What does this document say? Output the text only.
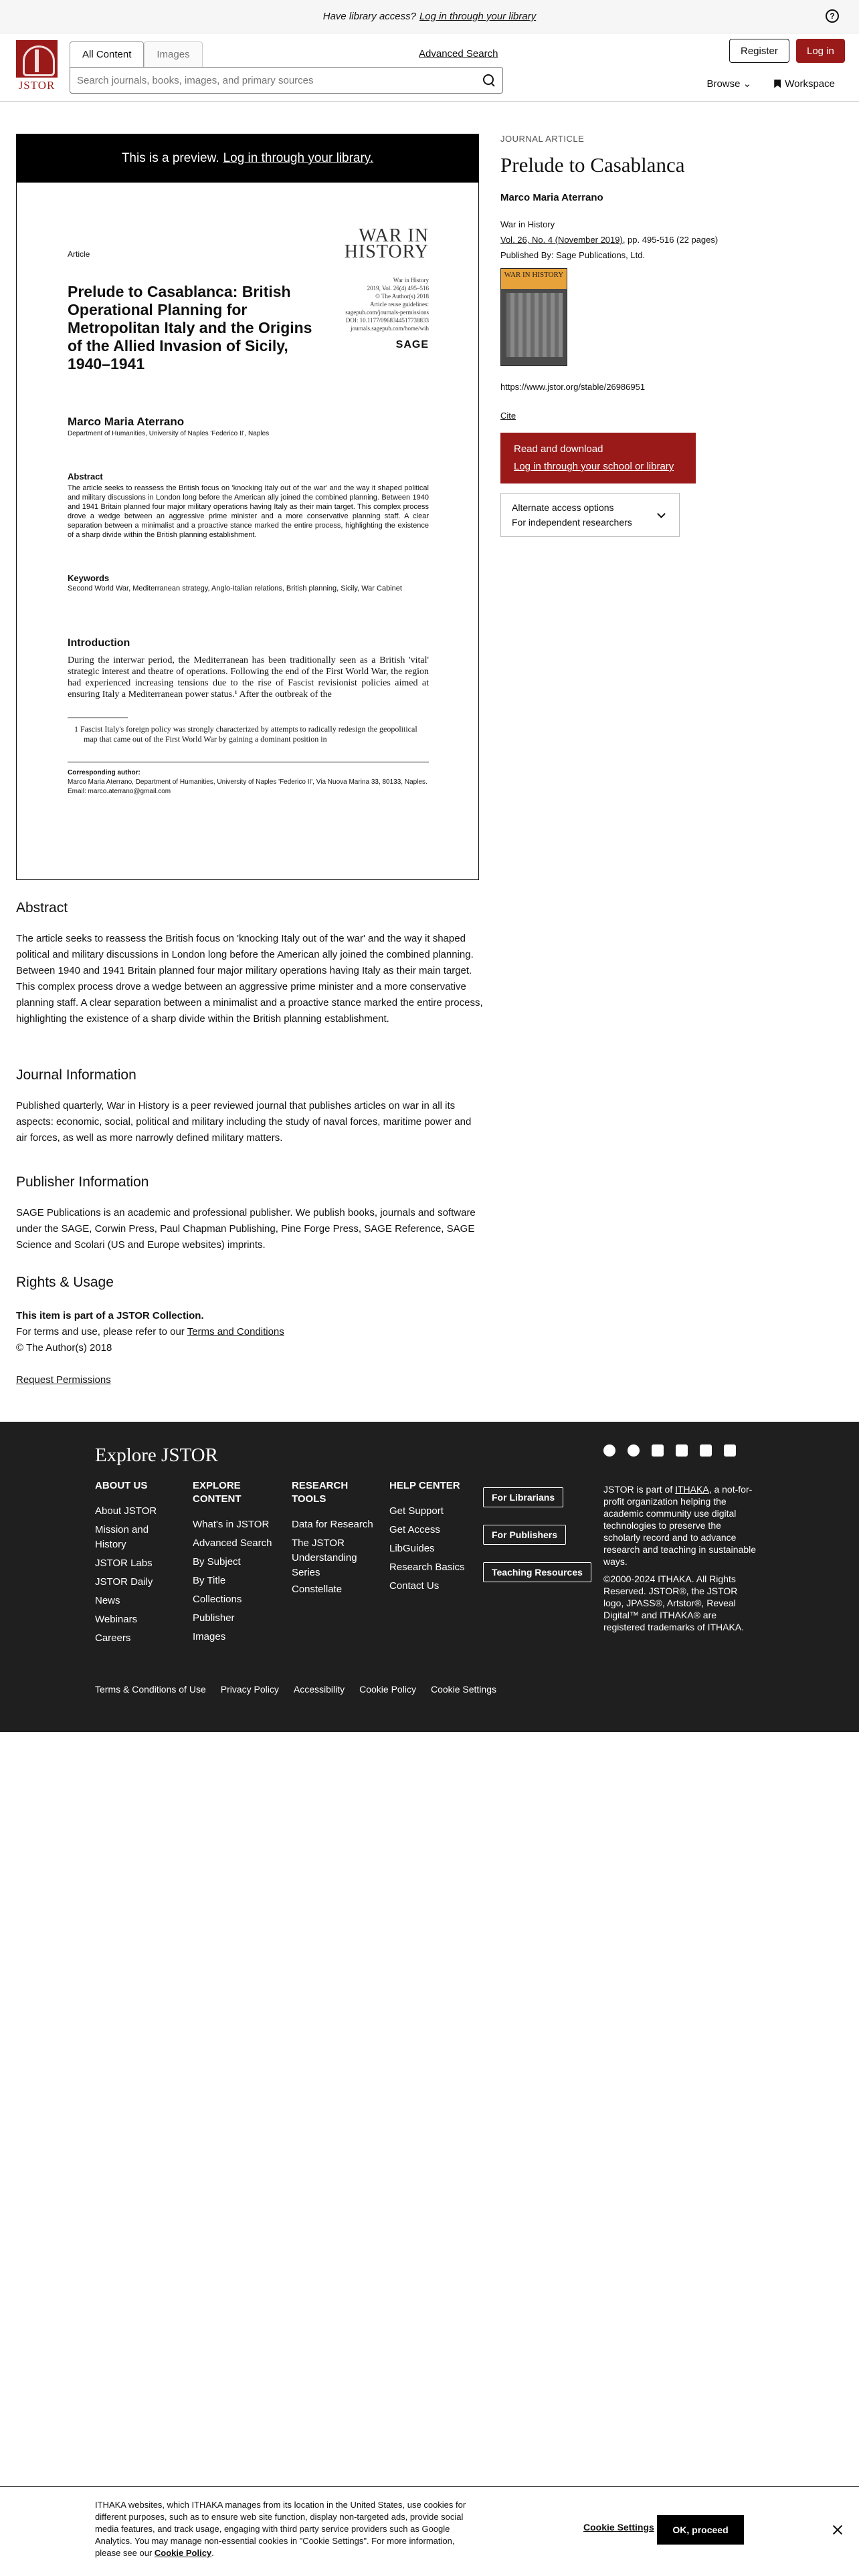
Have library access? Log in through your library	?
JSTOR
All Content	Images	Advanced Search	Register	Log in
Search journals, books, images, and primary sources
Browse ⌄	Workspace
This is a preview. Log in through your library.
Article
WAR IN HISTORY
War in History
2019, Vol. 26(4) 495–516
© The Author(s) 2018
Article reuse guidelines:
sagepub.com/journals-permissions
DOI: 10.1177/0968344517738833
journals.sagepub.com/home/wih
SAGE
Prelude to Casablanca: British Operational Planning for Metropolitan Italy and the Origins of the Allied Invasion of Sicily, 1940–1941
Marco Maria Aterrano
Department of Humanities, University of Naples 'Federico II', Naples
Abstract
The article seeks to reassess the British focus on 'knocking Italy out of the war' and the way it shaped political and military discussions in London long before the American ally joined the combined planning. Between 1940 and 1941 Britain planned four major military operations having Italy as their main target. This complex process drove a wedge between an aggressive prime minister and a more conservative planning staff. A clear separation between a minimalist and a proactive stance marked the entire process, highlighting the existence of a sharp divide within the British planning establishment.
Keywords
Second World War, Mediterranean strategy, Anglo-Italian relations, British planning, Sicily, War Cabinet
Introduction
During the interwar period, the Mediterranean has been traditionally seen as a British 'vital' strategic interest and theatre of operations. Following the end of the First World War, the region had experienced increasing tensions due to the rise of Fascist revisionist policies aimed at ensuring Italy a Mediterranean power status.¹ After the outbreak of the
1 Fascist Italy's foreign policy was strongly characterized by attempts to radically redesign the geopolitical map that came out of the First World War by gaining a dominant position in
Corresponding author:
Marco Maria Aterrano, Department of Humanities, University of Naples 'Federico II', Via Nuova Marina 33, 80133, Naples.
Email: marco.aterrano@gmail.com
JOURNAL ARTICLE
Prelude to Casablanca
Marco Maria Aterrano
War in History
Vol. 26, No. 4 (November 2019), pp. 495-516 (22 pages)
Published By: Sage Publications, Ltd.
WAR IN HISTORY
https://www.jstor.org/stable/26986951
Cite
Read and download
Log in through your school or library
Alternate access options
For independent researchers
Abstract
The article seeks to reassess the British focus on 'knocking Italy out of the war' and the way it shaped political and military discussions in London long before the American ally joined the combined planning. Between 1940 and 1941 Britain planned four major military operations having Italy as their main target. This complex process drove a wedge between an aggressive prime minister and a more conservative planning staff. A clear separation between a minimalist and a proactive stance marked the entire process, highlighting the existence of a sharp divide within the British planning establishment.
Journal Information
Published quarterly, War in History is a peer reviewed journal that publishes articles on war in all its aspects: economic, social, political and military including the study of naval forces, maritime power and air forces, as well as more narrowly defined military matters.
Publisher Information
SAGE Publications is an academic and professional publisher. We publish books, journals and software under the SAGE, Corwin Press, Paul Chapman Publishing, Pine Forge Press, SAGE Reference, SAGE Science and Scolari (US and Europe websites) imprints.
Rights & Usage
This item is part of a JSTOR Collection.
For terms and use, please refer to our Terms and Conditions
© The Author(s) 2018
Request Permissions
Explore JSTOR
ABOUT US
About JSTOR
Mission and History
JSTOR Labs
JSTOR Daily
News
Webinars
Careers
EXPLORE CONTENT
What's in JSTOR
Advanced Search
By Subject
By Title
Collections
Publisher
Images
RESEARCH TOOLS
Data for Research
The JSTOR Understanding Series
Constellate
HELP CENTER
Get Support
Get Access
LibGuides
Research Basics
Contact Us
For Librarians
For Publishers
Teaching Resources
JSTOR is part of ITHAKA, a not-for-profit organization helping the academic community use digital technologies to preserve the scholarly record and to advance research and teaching in sustainable ways.
©2000-2024 ITHAKA. All Rights Reserved. JSTOR®, the JSTOR logo, JPASS®, Artstor®, Reveal Digital™ and ITHAKA® are registered trademarks of ITHAKA.
Terms & Conditions of Use Privacy Policy Accessibility Cookie Policy Cookie Settings
ITHAKA websites, which ITHAKA manages from its location in the United States, use cookies for different purposes, such as to ensure web site function, display non-targeted ads, provide social media features, and track usage, engaging with third party service providers such as Google Analytics. You may manage non-essential cookies in "Cookie Settings". For more information, please see our Cookie Policy.
Cookie Settings	OK, proceed
